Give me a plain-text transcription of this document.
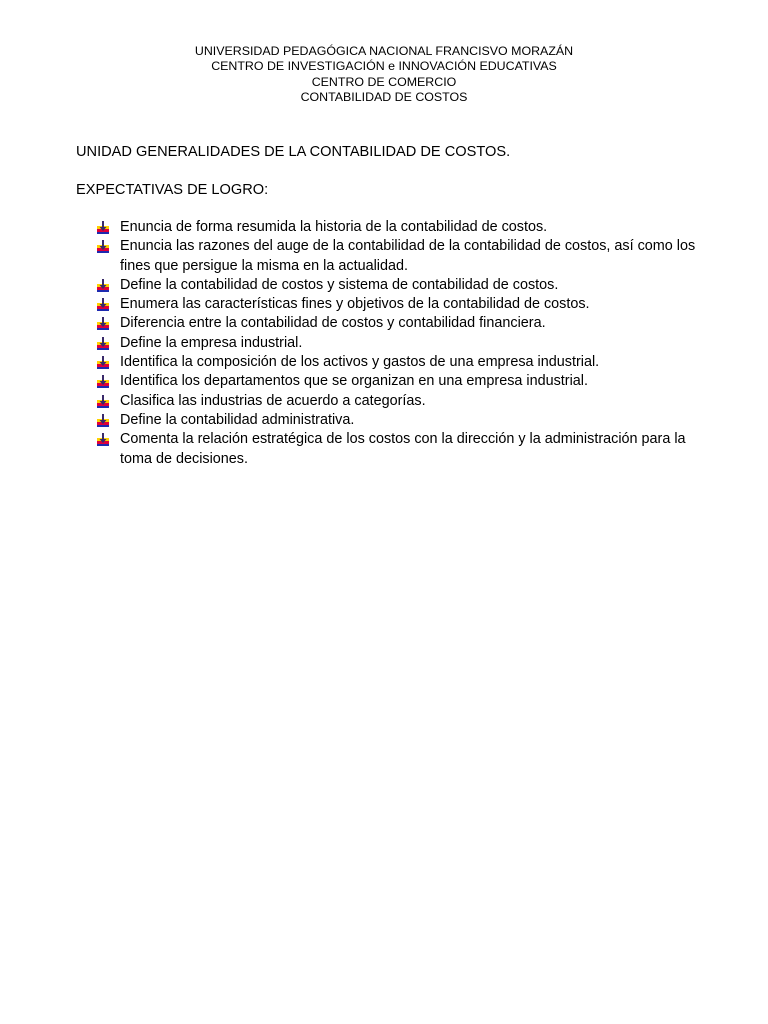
UNIVERSIDAD PEDAGÓGICA NACIONAL FRANCISVO MORAZÁN
CENTRO DE INVESTIGACIÓN e INNOVACIÓN EDUCATIVAS
CENTRO DE COMERCIO
CONTABILIDAD DE COSTOS
UNIDAD GENERALIDADES DE LA CONTABILIDAD DE COSTOS.
EXPECTATIVAS DE LOGRO:
Enuncia de forma resumida la historia de la contabilidad de costos.
Enuncia las razones del auge de la contabilidad de la contabilidad de costos, así como los fines que persigue la misma en la actualidad.
Define la contabilidad de costos y sistema de contabilidad de costos.
Enumera las características fines y objetivos de la contabilidad de costos.
Diferencia entre la contabilidad de costos y contabilidad financiera.
Define la empresa industrial.
Identifica la composición de los activos y gastos de una empresa industrial.
Identifica los departamentos que se organizan en una empresa industrial.
Clasifica las industrias de acuerdo a categorías.
Define la contabilidad administrativa.
Comenta la relación estratégica de los costos con la dirección y la administración para la toma de decisiones.
